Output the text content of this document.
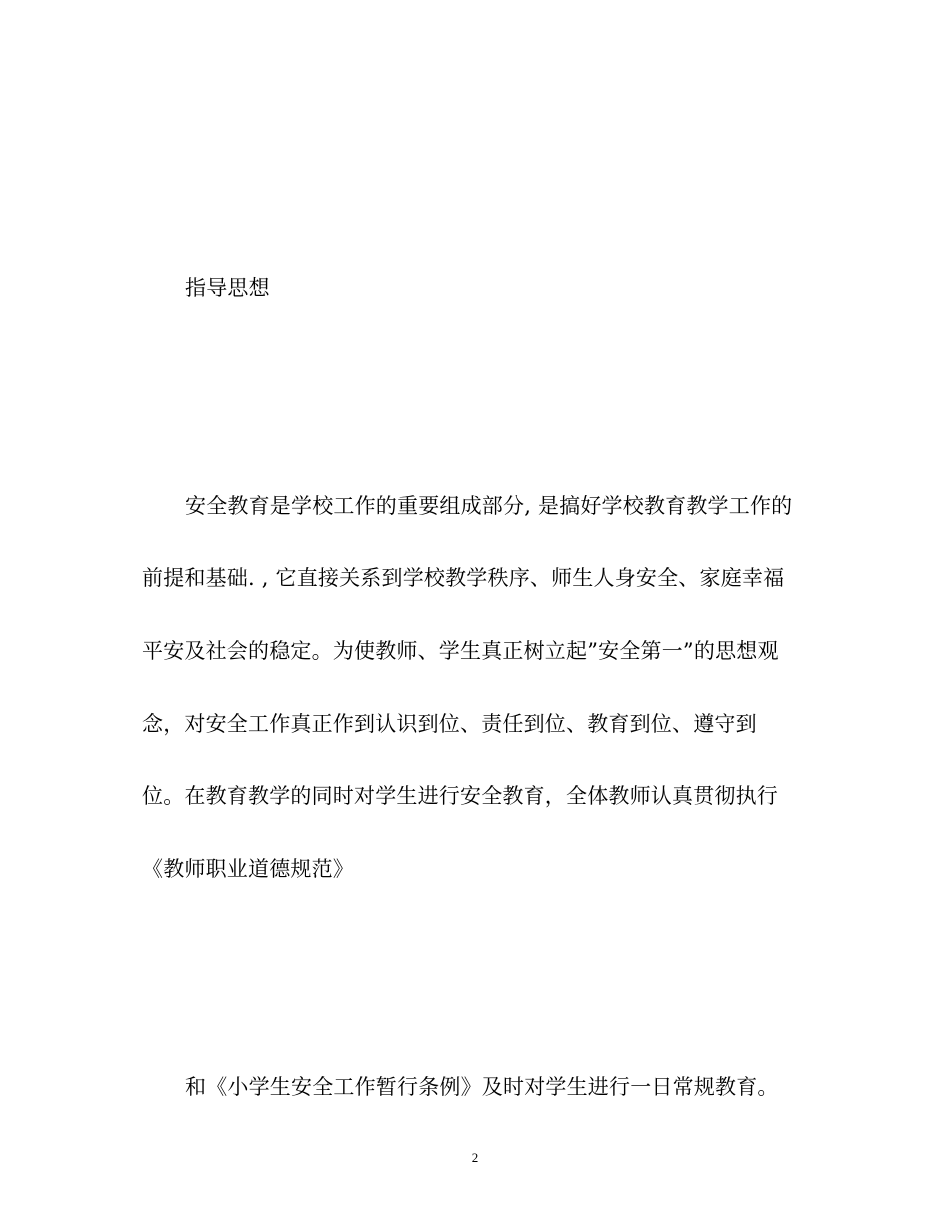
指导思想
安全教育是学校工作的重要组成部分, 是搞好学校教育教学工作的
前提和基础. , 它直接关系到学校教学秩序、师生人身安全、家庭幸福
平安及社会的稳定。为使教师、学生真正树立起”安全第一”的思想观
念，对安全工作真正作到认识到位、责任到位、教育到位、遵守到
位。在教育教学的同时对学生进行安全教育，全体教师认真贯彻执行
《教师职业道德规范》
和《小学生安全工作暂行条例》及时对学生进行一日常规教育。
2
